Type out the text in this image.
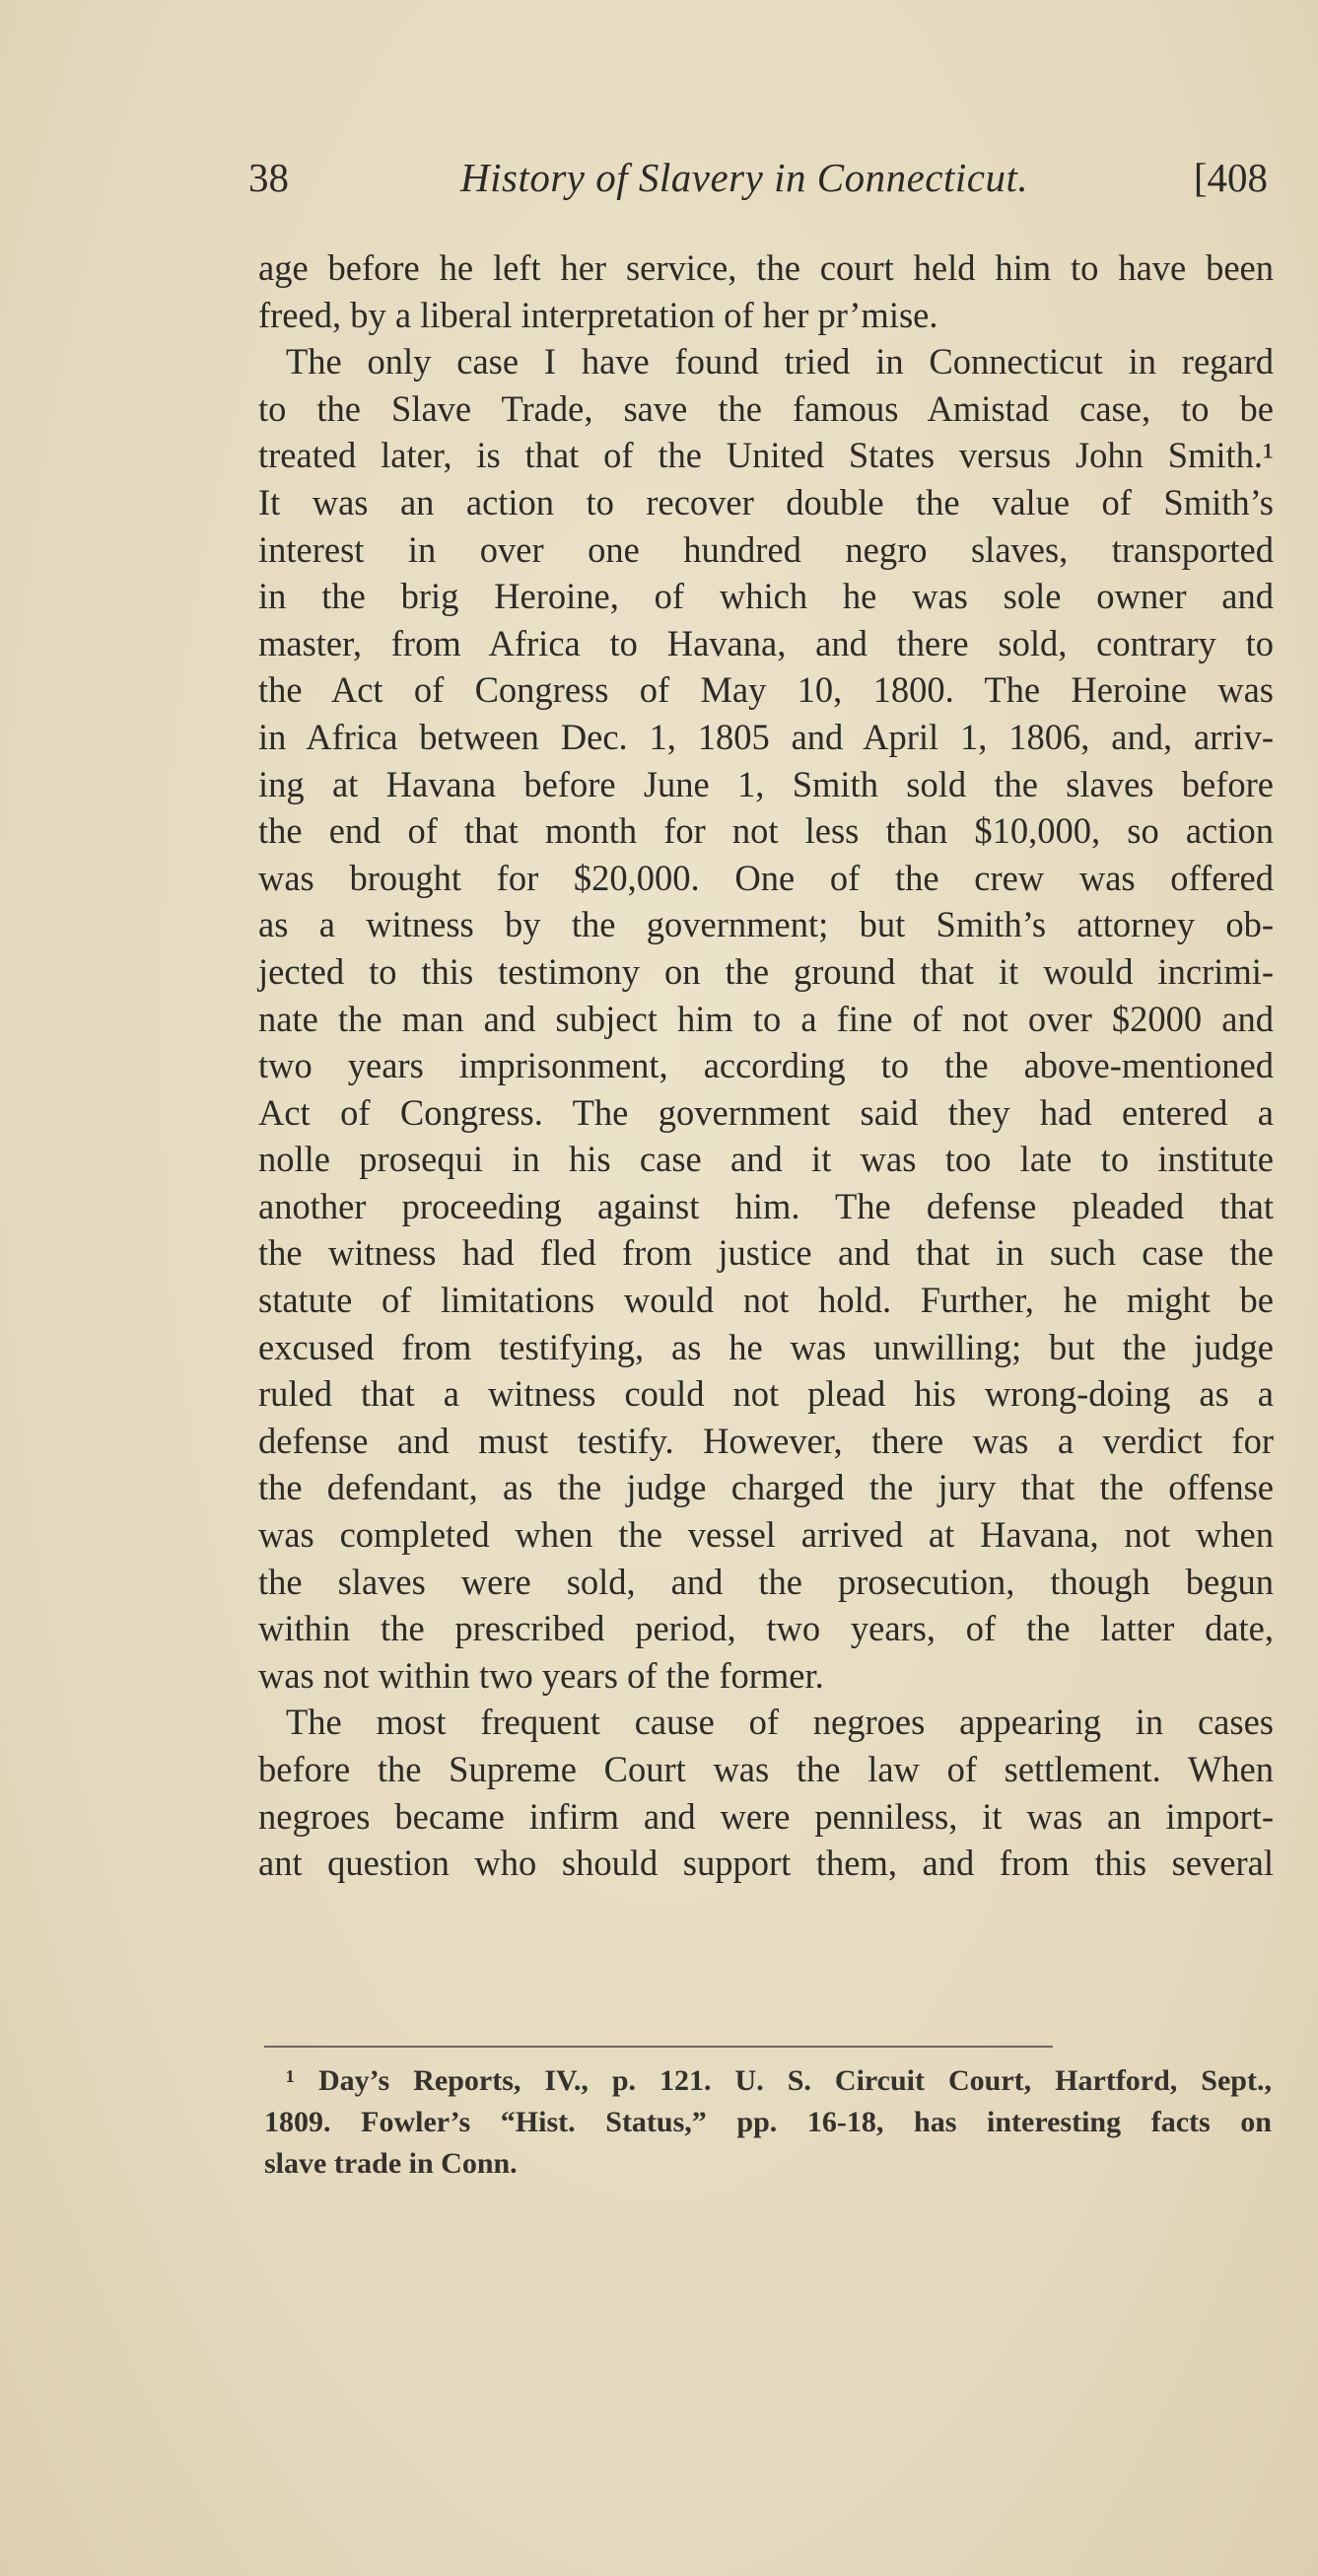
38	History of Slavery in Connecticut.	[408
age before he left her service, the court held him to have been
freed, by a liberal interpretation of her pr’mise.
The only case I have found tried in Connecticut in regard
to the Slave Trade, save the famous Amistad case, to be
treated later, is that of the United States versus John Smith.¹
It was an action to recover double the value of Smith’s
interest in over one hundred negro slaves, transported
in the brig Heroine, of which he was sole owner and
master, from Africa to Havana, and there sold, contrary to
the Act of Congress of May 10, 1800. The Heroine was
in Africa between Dec. 1, 1805 and April 1, 1806, and, arriv-
ing at Havana before June 1, Smith sold the slaves before
the end of that month for not less than $10,000, so action
was brought for $20,000. One of the crew was offered
as a witness by the government; but Smith’s attorney ob-
jected to this testimony on the ground that it would incrimi-
nate the man and subject him to a fine of not over $2000 and
two years imprisonment, according to the above-mentioned
Act of Congress. The government said they had entered a
nolle prosequi in his case and it was too late to institute
another proceeding against him. The defense pleaded that
the witness had fled from justice and that in such case the
statute of limitations would not hold. Further, he might be
excused from testifying, as he was unwilling; but the judge
ruled that a witness could not plead his wrong-doing as a
defense and must testify. However, there was a verdict for
the defendant, as the judge charged the jury that the offense
was completed when the vessel arrived at Havana, not when
the slaves were sold, and the prosecution, though begun
within the prescribed period, two years, of the latter date,
was not within two years of the former.
The most frequent cause of negroes appearing in cases
before the Supreme Court was the law of settlement. When
negroes became infirm and were penniless, it was an import-
ant question who should support them, and from this several
¹ Day’s Reports, IV., p. 121. U. S. Circuit Court, Hartford, Sept.,
1809. Fowler’s “Hist. Status,” pp. 16-18, has interesting facts on
slave trade in Conn.
